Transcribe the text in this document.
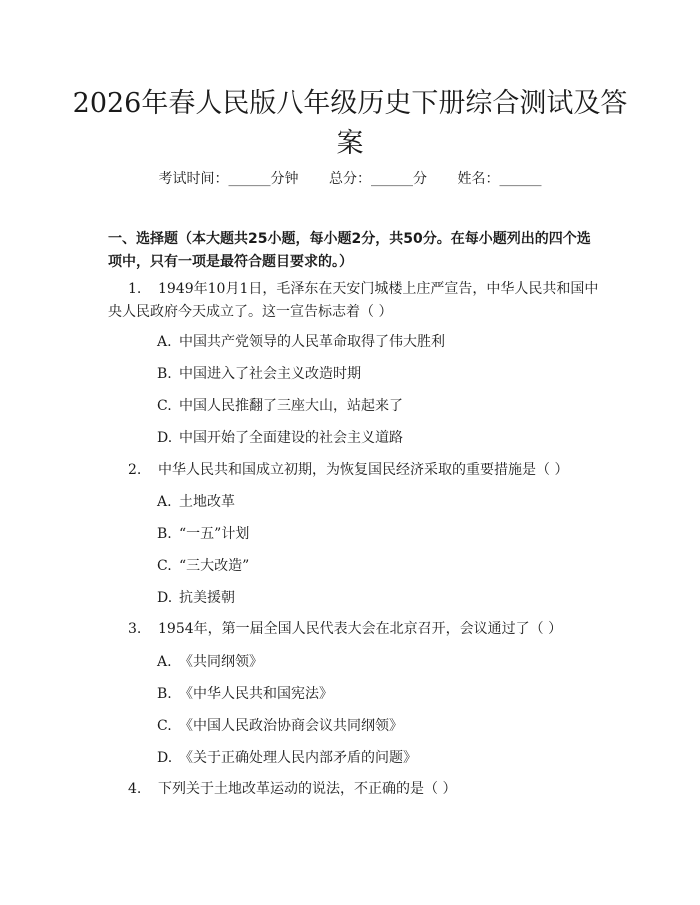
2026年春人民版八年级历史下册综合测试及答案
考试时间：______分钟 总分：______分 姓名：______
一、选择题（本大题共25小题，每小题2分，共50分。在每小题列出的四个选项中，只有一项是最符合题目要求的。）
1. 1949年10月1日，毛泽东在天安门城楼上庄严宣告，中华人民共和国中央人民政府今天成立了。这一宣告标志着（ ）
A. 中国共产党领导的人民革命取得了伟大胜利
B. 中国进入了社会主义改造时期
C. 中国人民推翻了三座大山，站起来了
D. 中国开始了全面建设的社会主义道路
2. 中华人民共和国成立初期，为恢复国民经济采取的重要措施是（ ）
A. 土地改革
B. “一五”计划
C. “三大改造”
D. 抗美援朝
3. 1954年，第一届全国人民代表大会在北京召开，会议通过了（ ）
A. 《共同纲领》
B. 《中华人民共和国宪法》
C. 《中国人民政治协商会议共同纲领》
D. 《关于正确处理人民内部矛盾的问题》
4. 下列关于土地改革运动的说法，不正确的是（ ）
